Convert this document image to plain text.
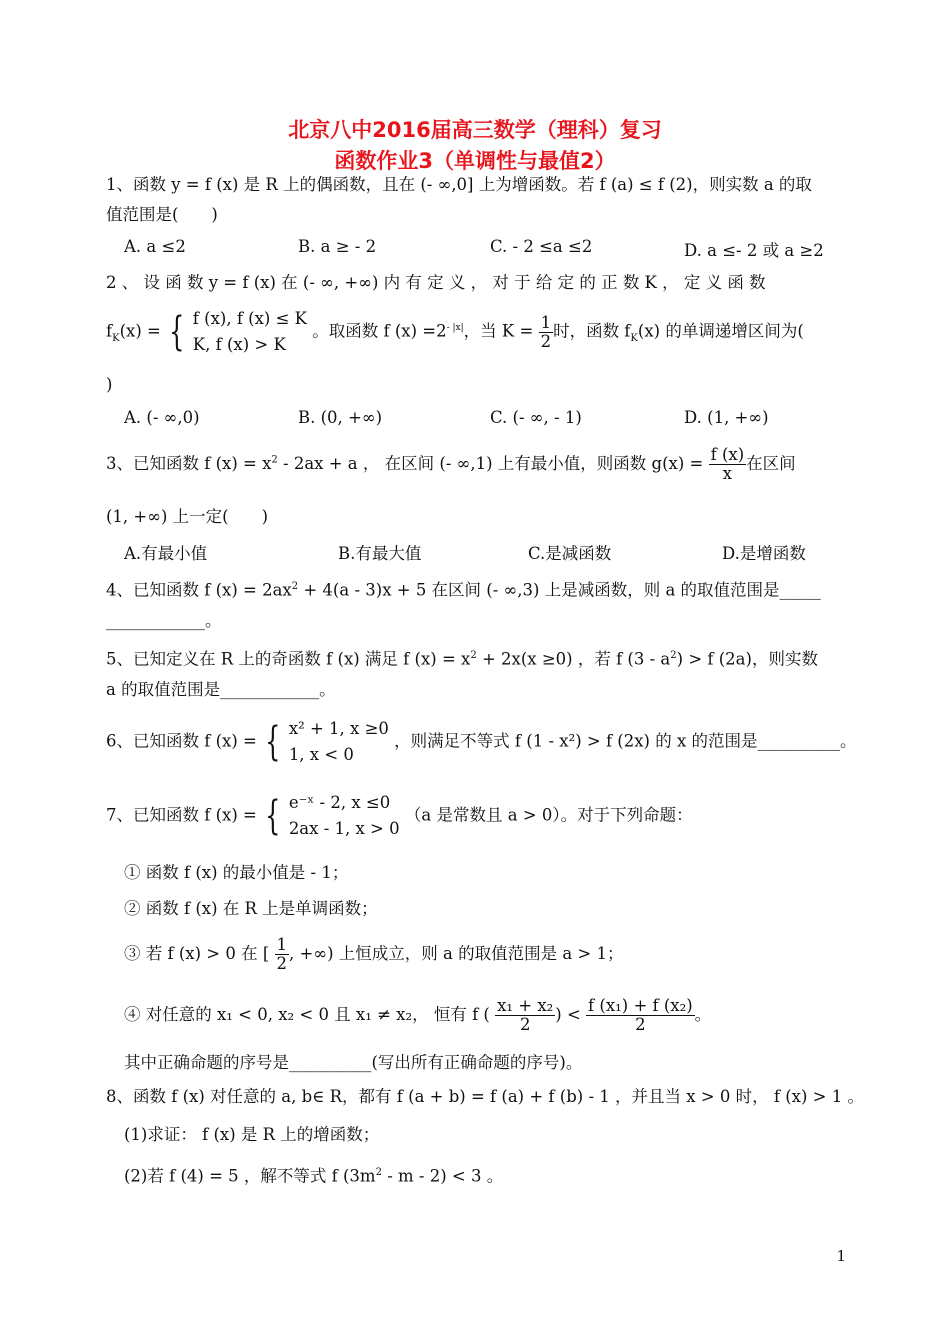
北京八中2016届高三数学（理科）复习
函数作业3（单调性与最值2）
1、函数 y = f (x) 是 R 上的偶函数，且在 (- ∞,0] 上为增函数。若 f (a) ≤ f (2)，则实数 a 的取
值范围是(　　)
A. a ≤2	B. a ≥ - 2	C. - 2 ≤a ≤2	D. a ≤- 2 或 a ≥2
2 、 设 函 数 y = f (x) 在 (- ∞, +∞) 内 有 定 义 ， 对 于 给 定 的 正 数 K ， 定 义 函 数
$f_K(x)$ = { f (x), f (x) ≤ K
K, f (x) > K
。取函数 f $(x) =2^{- |x|}$，当 $K = \frac{1}{2}$ 时，函数 $f_K(x)$ 的单调递增区间为(
)
A. (- ∞,0)	B. (0, +∞)	C. (- ∞, - 1)	D. (1, +∞)
3、已知函数 f $(x) = x^2 - 2ax + a$ ， 在区间 (- ∞,1) 上有最小值，则函数 $g(x) = \frac{f (x)}{x}$ 在区间
(1, +∞) 上一定(　　)
A.有最小值	B.有最大值	C.是减函数	D.是增函数
4、已知函数 f $(x) = 2ax^2 + 4(a - 3)x + 5$ 在区间 (- ∞,3) 上是减函数，则 a 的取值范围是_____
____________。
5、已知定义在 R 上的奇函数 f (x) 满足 f $(x) = x^2 + 2x(x \ge 0)$ ，若 f $(3 - a^2) > f$ (2a)，则实数
a 的取值范围是____________。
6、已知函数 f (x) = { x² + 1, x ≥0
1, x < 0
，则满足不等式 f (1 - x²) > f (2x) 的 x 的范围是__________。
7、已知函数 f (x) = { e⁻ˣ - 2, x ≤0
2ax - 1, x > 0
（a 是常数且 a > 0）。对于下列命题：
① 函数 f (x) 的最小值是 - 1；
② 函数 f (x) 在 R 上是单调函数；
③ 若 f (x) > 0 在 [ $\frac{1}{2}$ , +∞) 上恒成立，则 a 的取值范围是 a > 1；
④ 对任意的 x₁ < 0, x₂ < 0 且 x₁ ≠ x₂， 恒有 f ( $\frac{\text{x₁ + x₂}}{2}$ ) < $\frac{\text{f (x₁) + f (x₂)}}{2}$ 。
其中正确命题的序号是__________(写出所有正确命题的序号)。
8、函数 f (x) 对任意的 a, b∈ R，都有 f (a + b) = f (a) + f (b) - 1 ，并且当 x > 0 时， f (x) > 1 。
(1)求证： f (x) 是 R 上的增函数；
(2)若 f (4) = 5 ，解不等式 f $(3m^2 - m - 2) < 3$ 。
1
